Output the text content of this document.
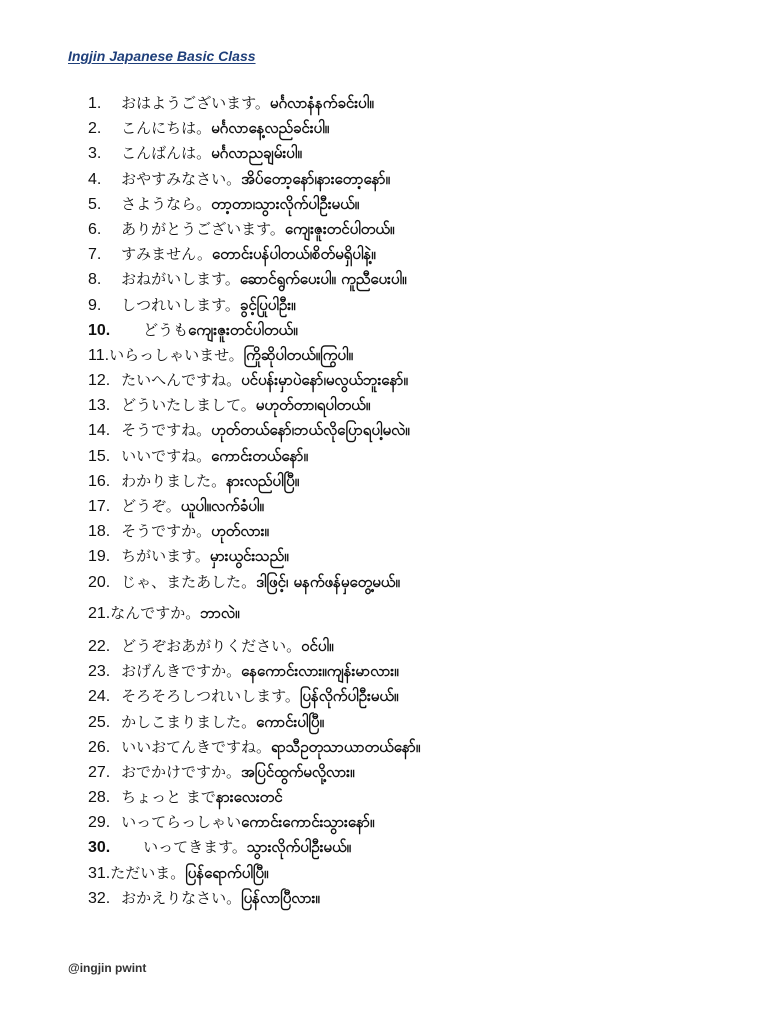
Ingjin Japanese Basic Class
1. おはようございます。မင်္ဂလာနံနက်ခင်းပါ။
2. こんにちは。မင်္ဂလာနေ့လည်ခင်းပါ။
3. こんばんは。မင်္ဂလာညချမ်းပါ။
4. おやすみなさい。အိပ်တော့နော်၊နားတော့နော်။
5. さようなら。တာ့တာ၊သွားလိုက်ပါဦးမယ်။
6. ありがとうございます。ကျေးဇူးတင်ပါတယ်။
7. すみません。တောင်းပန်ပါတယ်၊စိတ်မရှိပါနဲ့။
8. おねがいします。ဆောင်ရွက်ပေးပါ။ ကူညီပေးပါ။
9. しつれいします。ခွင့်ပြုပါဦး။
10. どうもကျေးဇူးတင်ပါတယ်။
11.いらっしゃいませ。ကြိုဆိုပါတယ်။ကြွပါ။
12. たいへんですね。ပင်ပန်းမှာပဲနော်၊မလွယ်ဘူးနော်။
13. どういたしまして。မဟုတ်တာ၊ရပါတယ်။
14. そうですね。ဟုတ်တယ်နော်၊ဘယ်လိုပြောရပါ့မလဲ။
15. いいですね。ကောင်းတယ်နော်။
16. わかりました。နားလည်ပါပြီ။
17. どうぞ。ယူပါ။လက်ခံပါ။
18. そうですか。ဟုတ်လား။
19. ちがいます。မှားယွင်းသည်။
20. じゃ、またあした。ဒါဖြင့်၊ မနက်ဖန်မှတွေ့မယ်။
21.なんですか。ဘာလဲ။
22. どうぞおあがりください。ဝင်ပါ။
23. おげんきですか。နေကောင်းလား။ကျန်းမာလား။
24. そろそろしつれいします。ပြန်လိုက်ပါဦးမယ်။
25. かしこまりました。ကောင်းပါပြီ။
26. いいおてんきですね。ရာသီဥတုသာယာတယ်နော်။
27. おでかけですか。အပြင်ထွက်မလို့လား။
28. ちょっと までနားလေးတင်
29. いってらっしゃいကောင်းကောင်းသွားနော်။
30. いってきます。သွားလိုက်ပါဦးမယ်။
31.ただいま。ပြန်ရောက်ပါပြီ။
32. おかえりなさい。ပြန်လာပြီလား။
@ingjin pwint
